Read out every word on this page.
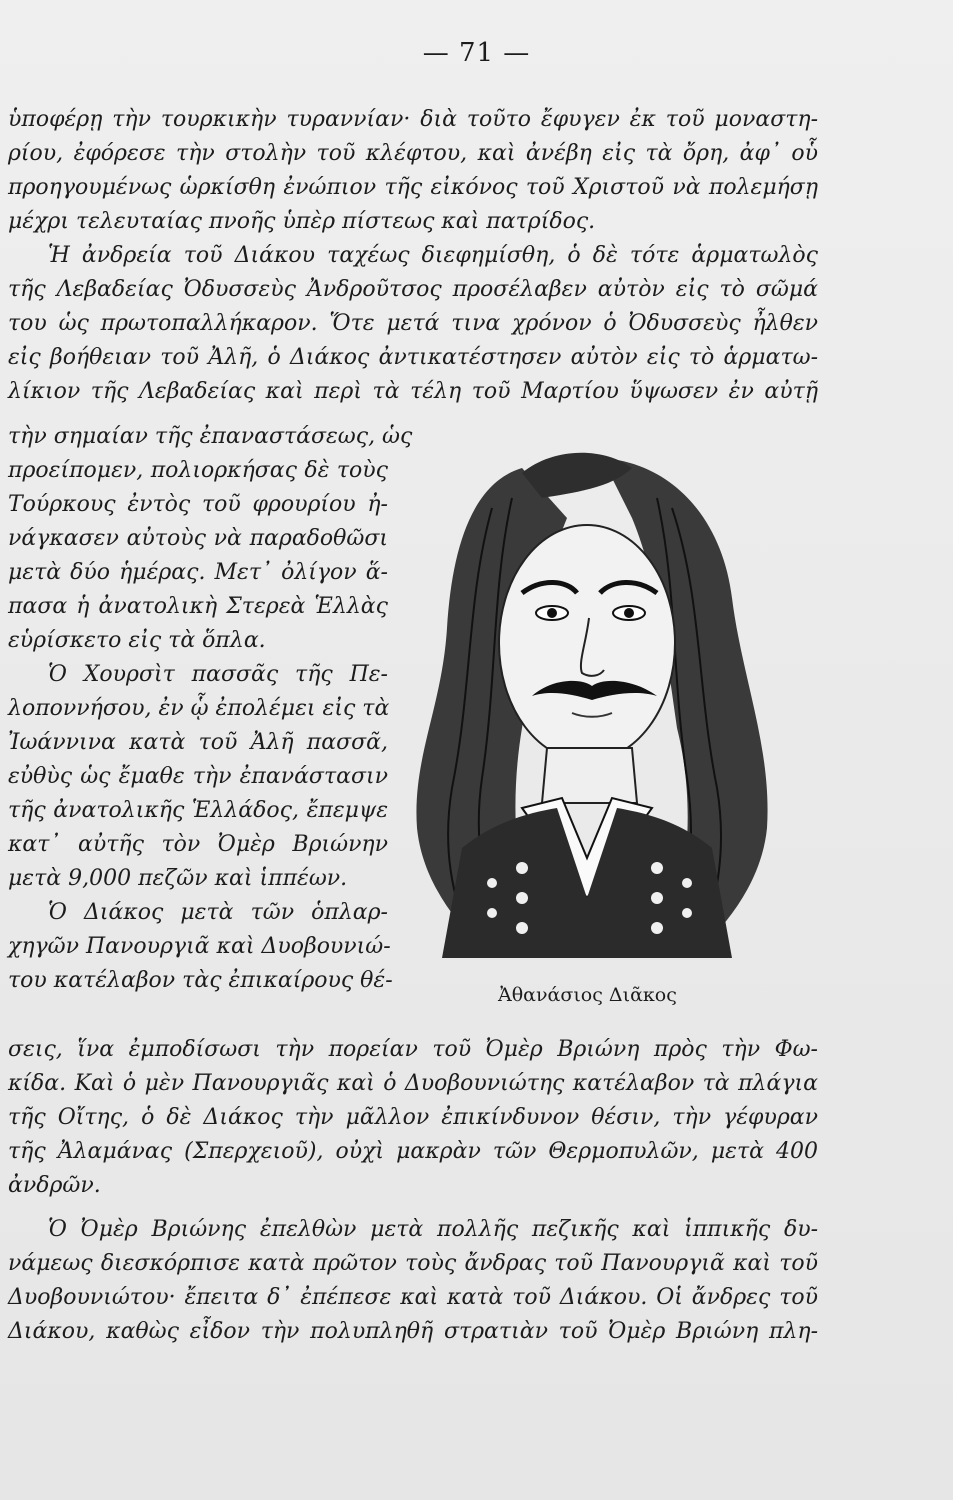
— 71 —
ὑποφέρῃ τὴν τουρκικὴν τυραννίαν· διὰ τοῦτο ἔφυγεν ἐκ τοῦ μοναστη-
ρίου, ἐφόρεσε τὴν στολὴν τοῦ κλέφτου, καὶ ἀνέβη εἰς τὰ ὄρη, ἀφ᾽ οὗ
προηγουμένως ὡρκίσθη ἐνώπιον τῆς εἰκόνος τοῦ Χριστοῦ νὰ πολεμήσῃ
μέχρι τελευταίας πνοῆς ὑπὲρ πίστεως καὶ πατρίδος.
Ἡ ἀνδρεία τοῦ Διάκου ταχέως διεφημίσθη, ὁ δὲ τότε ἁρματωλὸς
τῆς Λεβαδείας Ὀδυσσεὺς Ἀνδροῦτσος προσέλαβεν αὐτὸν εἰς τὸ σῶμά
του ὡς πρωτοπαλλήκαρον. Ὅτε μετά τινα χρόνον ὁ Ὀδυσσεὺς ἦλθεν
εἰς βοήθειαν τοῦ Ἀλῆ, ὁ Διάκος ἀντικατέστησεν αὐτὸν εἰς τὸ ἁρματω-
λίκιον τῆς Λεβαδείας καὶ περὶ τὰ τέλη τοῦ Μαρτίου ὕψωσεν ἐν αὐτῇ
τὴν σημαίαν τῆς ἐπαναστάσεως, ὡς
προείπομεν, πολιορκήσας δὲ τοὺς
Τούρκους ἐντὸς τοῦ φρουρίου ἠ-
νάγκασεν αὐτοὺς νὰ παραδοθῶσι
μετὰ δύο ἡμέρας. Μετ᾽ ὀλίγον ἅ-
πασα ἡ ἀνατολικὴ Στερεὰ Ἑλλὰς
εὑρίσκετο εἰς τὰ ὅπλα.
Ὁ Χουρσὶτ πασσᾶς τῆς Πε-
λοποννήσου, ἐν ᾧ ἐπολέμει εἰς τὰ
Ἰωάννινα κατὰ τοῦ Ἀλῆ πασσᾶ,
εὐθὺς ὡς ἔμαθε τὴν ἐπανάστασιν
τῆς ἀνατολικῆς Ἑλλάδος, ἔπεμψε
κατ᾽ αὐτῆς τὸν Ὀμὲρ Βριώνην
μετὰ 9,000 πεζῶν καὶ ἱππέων.
Ὁ Διάκος μετὰ τῶν ὁπλαρ-
χηγῶν Πανουργιᾶ καὶ Δυοβουνιώ-
του κατέλαβον τὰς ἐπικαίρους θέ-
Ἀθανάσιος Διᾶκος
σεις, ἵνα ἐμποδίσωσι τὴν πορείαν τοῦ Ὀμὲρ Βριώνη πρὸς τὴν Φω-
κίδα. Καὶ ὁ μὲν Πανουργιᾶς καὶ ὁ Δυοβουνιώτης κατέλαβον τὰ πλάγια
τῆς Οἴτης, ὁ δὲ Διάκος τὴν μᾶλλον ἐπικίνδυνον θέσιν, τὴν γέφυραν
τῆς Ἀλαμάνας (Σπερχειοῦ), οὐχὶ μακρὰν τῶν Θερμοπυλῶν, μετὰ 400
ἀνδρῶν.
Ὁ Ὀμὲρ Βριώνης ἐπελθὼν μετὰ πολλῆς πεζικῆς καὶ ἱππικῆς δυ-
νάμεως διεσκόρπισε κατὰ πρῶτον τοὺς ἄνδρας τοῦ Πανουργιᾶ καὶ τοῦ
Δυοβουνιώτου· ἔπειτα δ᾽ ἐπέπεσε καὶ κατὰ τοῦ Διάκου. Οἱ ἄνδρες τοῦ
Διάκου, καθὼς εἶδον τὴν πολυπληθῆ στρατιὰν τοῦ Ὀμὲρ Βριώνη πλη-
